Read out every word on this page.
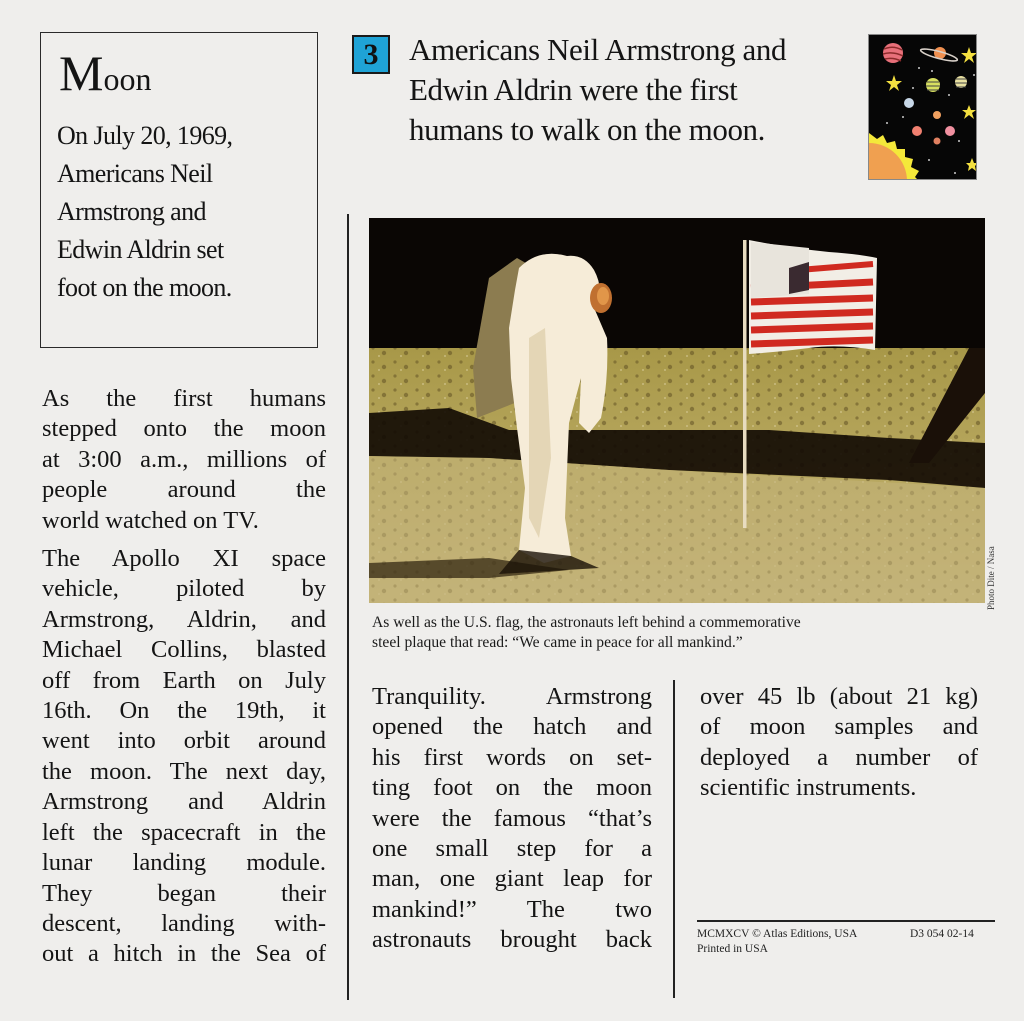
Moon
On July 20, 1969,
Americans Neil
Armstrong and
Edwin Aldrin set
foot on the moon.

As the first humans
stepped onto the moon
at 3:00 a.m., millions of
people around the
world watched on TV.

The Apollo XI space
vehicle, piloted by
Armstrong, Aldrin, and
Michael Collins, blasted
off from Earth on July
16th. On the 19th, it
went into orbit around
the moon. The next day,
Armstrong and Aldrin
left the spacecraft in the
lunar landing module.
They began their
descent, landing with-
out a hitch in the Sea of

3 Americans Neil Armstrong and
Edwin Aldrin were the first
humans to walk on the moon.
Photo Dite / Nasa
As well as the U.S. flag, the astronauts left behind a commemorative
steel plaque that read: “We came in peace for all mankind.”
Tranquility. Armstrong
opened the hatch and
his first words on set-
ting foot on the moon
were the famous “that’s
one small step for a
man, one giant leap for
mankind!” The two
astronauts brought back
over 45 lb (about 21 kg)
of moon samples and
deployed a number of
scientific instruments.
MCMXCV © Atlas Editions, USA
Printed in USA
D3 054 02-14
